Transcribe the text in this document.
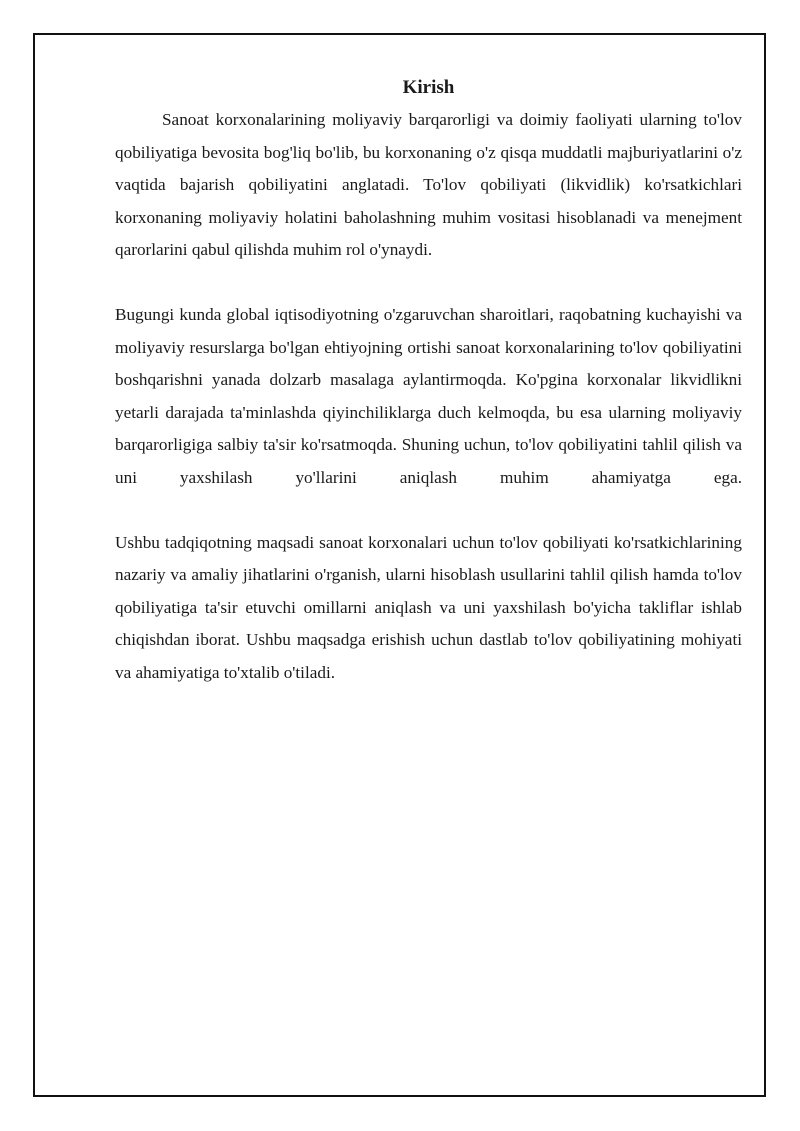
Kirish

Sanoat korxonalarining moliyaviy barqarorligi va doimiy faoliyati ularning to'lov qobiliyatiga bevosita bog'liq bo'lib, bu korxonaning o'z qisqa muddatli majburiyatlarini o'z vaqtida bajarish qobiliyatini anglatadi. To'lov qobiliyati (likvidlik) ko'rsatkichlari korxonaning moliyaviy holatini baholashning muhim vositasi hisoblanadi va menejment qarorlarini qabul qilishda muhim rol o'ynaydi.

Bugungi kunda global iqtisodiyotning o'zgaruvchan sharoitlari, raqobatning kuchayishi va moliyaviy resurslarga bo'lgan ehtiyojning ortishi sanoat korxonalarining to'lov qobiliyatini boshqarishni yanada dolzarb masalaga aylantirmoqda. Ko'pgina korxonalar likvidlikni yetarli darajada ta'minlashda qiyinchiliklarga duch kelmoqda, bu esa ularning moliyaviy barqarorligiga salbiy ta'sir ko'rsatmoqda. Shuning uchun, to'lov qobiliyatini tahlil qilish va uni yaxshilash yo'llarini aniqlash muhim ahamiyatga ega.

Ushbu tadqiqotning maqsadi sanoat korxonalari uchun to'lov qobiliyati ko'rsatkichlarining nazariy va amaliy jihatlarini o'rganish, ularni hisoblash usullarini tahlil qilish hamda to'lov qobiliyatiga ta'sir etuvchi omillarni aniqlash va uni yaxshilash bo'yicha takliflar ishlab chiqishdan iborat. Ushbu maqsadga erishish uchun dastlab to'lov qobiliyatining mohiyati va ahamiyatiga to'xtalib o'tiladi.
